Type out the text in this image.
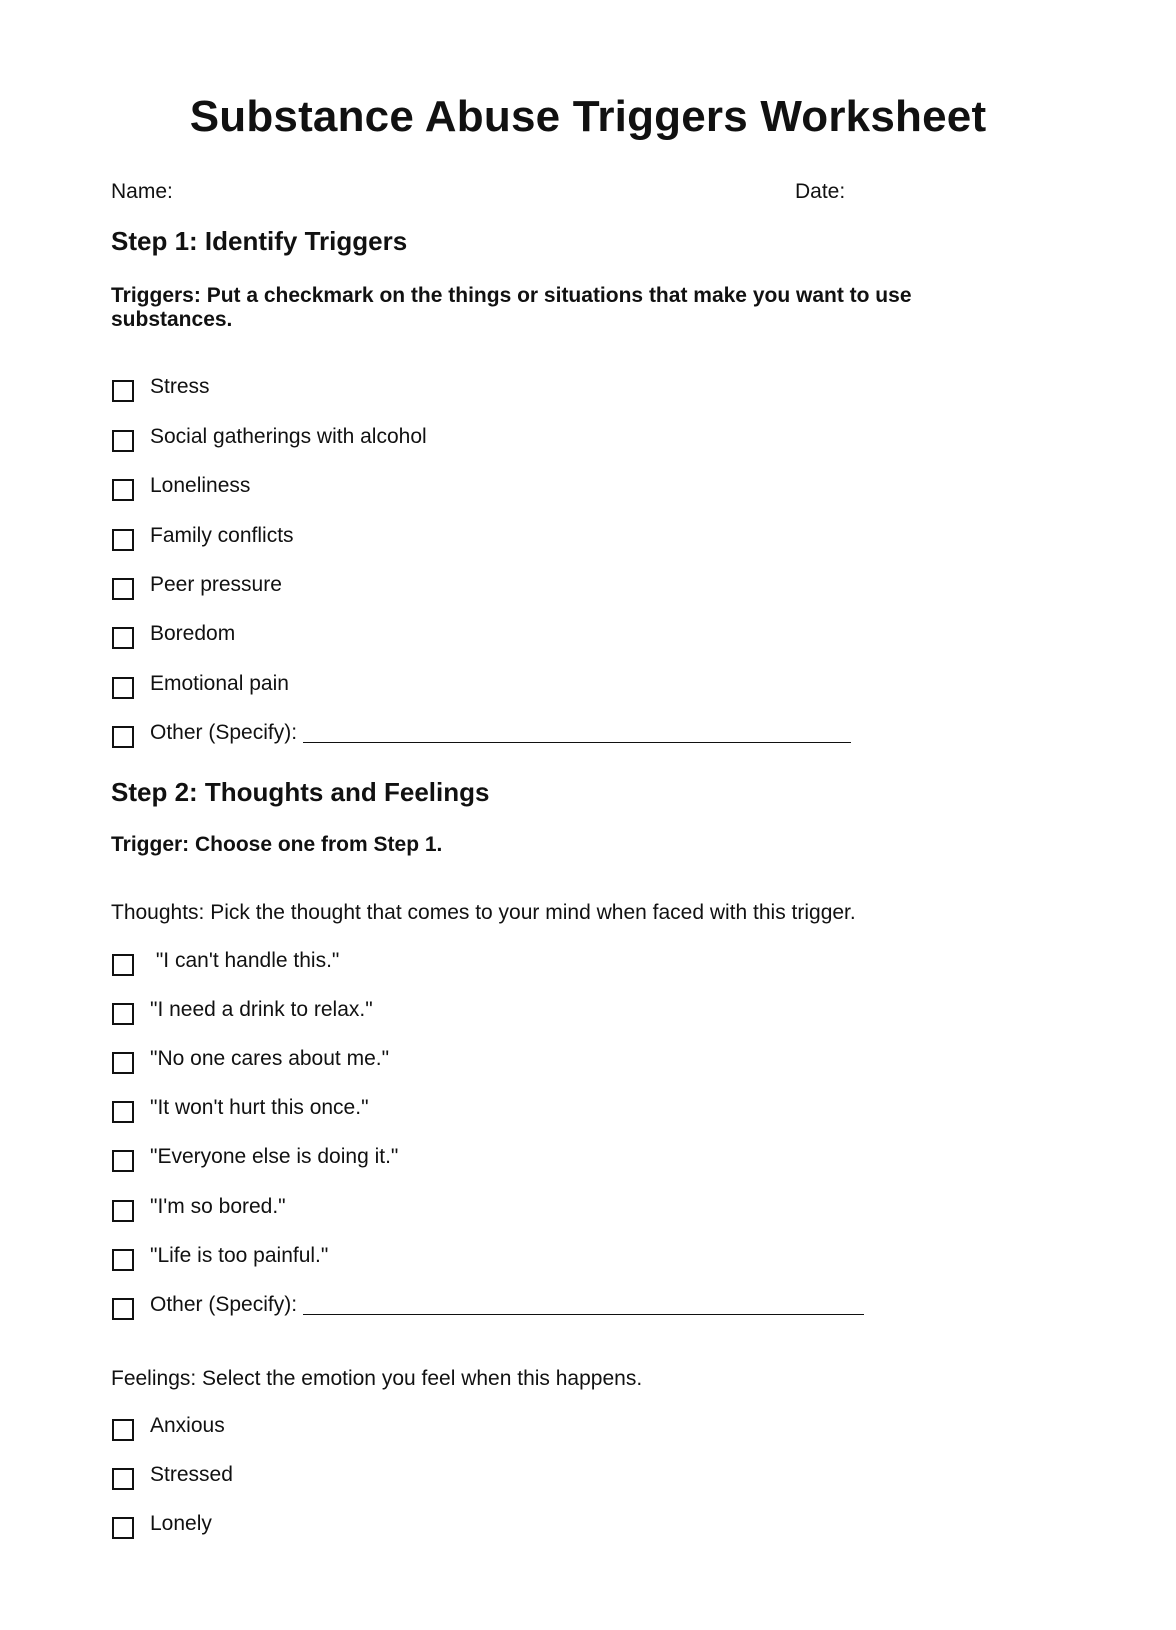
Substance Abuse Triggers Worksheet
Name:	Date:
Step 1: Identify Triggers
Triggers: Put a checkmark on the things or situations that make you want to use substances.
Stress
Social gatherings with alcohol
Loneliness
Family conflicts
Peer pressure
Boredom
Emotional pain
Other (Specify):
Step 2: Thoughts and Feelings
Trigger: Choose one from Step 1.
Thoughts: Pick the thought that comes to your mind when faced with this trigger.
"I can't handle this."
"I need a drink to relax."
"No one cares about me."
"It won't hurt this once."
"Everyone else is doing it."
"I'm so bored."
"Life is too painful."
Other (Specify):
Feelings: Select the emotion you feel when this happens.
Anxious
Stressed
Lonely
